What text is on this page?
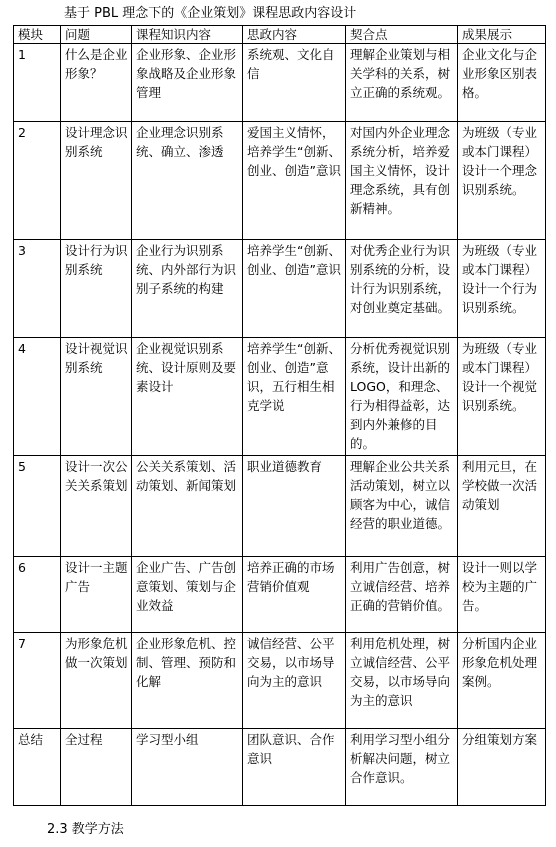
基于 PBL 理念下的《企业策划》课程思政内容设计
模块	问题	课程知识内容	思政内容	契合点	成果展示
1	什么是企业形象？	企业形象、企业形象战略及企业形象管理	系统观、文化自信	理解企业策划与相关学科的关系，树立正确的系统观。	企业文化与企业形象区别表格。
2	设计理念识别系统	企业理念识别系统、确立、渗透	爱国主义情怀，培养学生“创新、创业、创造”意识	对国内外企业理念系统分析，培养爱国主义情怀，设计理念系统，具有创新精神。	为班级（专业或本门课程）设计一个理念识别系统。
3	设计行为识别系统	企业行为识别系统、内外部行为识别子系统的构建	培养学生“创新、创业、创造”意识	对优秀企业行为识别系统的分析，设计行为识别系统，对创业奠定基础。	为班级（专业或本门课程）设计一个行为识别系统。
4	设计视觉识别系统	企业视觉识别系统、设计原则及要素设计	培养学生“创新、创业、创造”意识，五行相生相克学说	分析优秀视觉识别系统，设计出新的 LOGO，和理念、行为相得益彰，达到内外兼修的目的。	为班级（专业或本门课程）设计一个视觉识别系统。
5	设计一次公关关系策划	公关关系策划、活动策划、新闻策划	职业道德教育	理解企业公共关系活动策划，树立以顾客为中心，诚信经营的职业道德。	利用元旦，在学校做一次活动策划
6	设计一主题广告	企业广告、广告创意策划、策划与企业效益	培养正确的市场营销价值观	利用广告创意，树立诚信经营、培养正确的营销价值。	设计一则以学校为主题的广告。
7	为形象危机做一次策划	企业形象危机、控制、管理、预防和化解	诚信经营、公平交易，以市场导向为主的意识	利用危机处理，树立诚信经营、公平交易，以市场导向为主的意识	分析国内企业形象危机处理案例。
总结	全过程	学习型小组	团队意识、合作意识	利用学习型小组分析解决问题，树立合作意识。	分组策划方案
2.3 教学方法
